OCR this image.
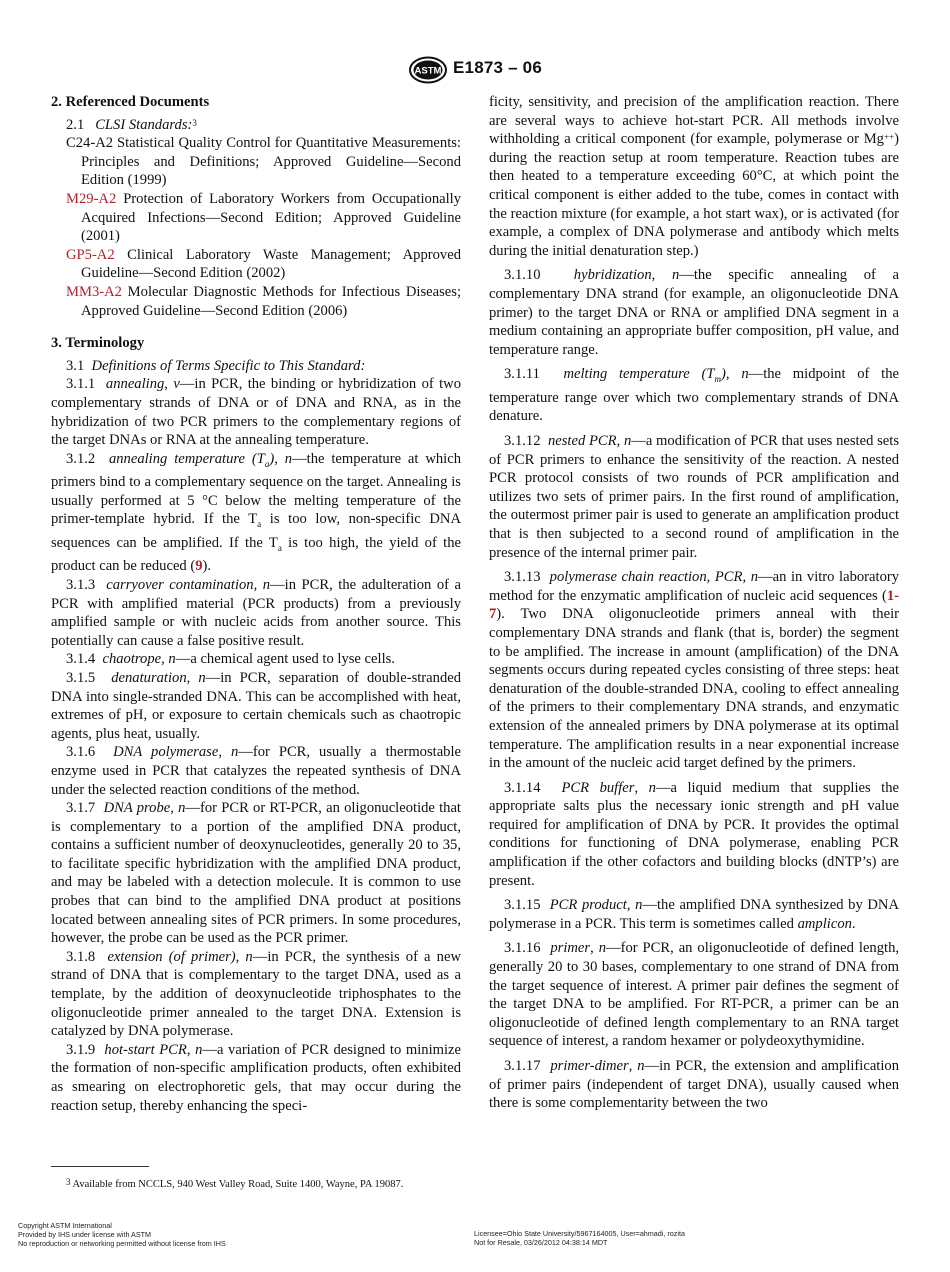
ASTM E1873 – 06

2. Referenced Documents

2.1 CLSI Standards:$^3$

C24-A2 Statistical Quality Control for Quantitative Measurements: Principles and Definitions; Approved Guideline—Second Edition (1999)

M29-A2 Protection of Laboratory Workers from Occupationally Acquired Infections—Second Edition; Approved Guideline (2001)

GP5-A2 Clinical Laboratory Waste Management; Approved Guideline—Second Edition (2002)

MM3-A2 Molecular Diagnostic Methods for Infectious Diseases; Approved Guideline—Second Edition (2006)

3. Terminology

3.1 Definitions of Terms Specific to This Standard:

3.1.1 annealing, v—in PCR, the binding or hybridization of two complementary strands of DNA or of DNA and RNA, as in the hybridization of two PCR primers to the complementary regions of the target DNAs or RNA at the annealing temperature.

3.1.2 annealing temperature $(T_a)$, n—the temperature at which primers bind to a complementary sequence on the target. Annealing is usually performed at 5 °C below the melting temperature of the primer-template hybrid. If the $T_a$ is too low, non-specific DNA sequences can be amplified. If the $T_a$ is too high, the yield of the product can be reduced (9).

3.1.3 carryover contamination, n—in PCR, the adulteration of a PCR with amplified material (PCR products) from a previously amplified sample or with nucleic acids from another source. This potentially can cause a false positive result.

3.1.4 chaotrope, n—a chemical agent used to lyse cells.

3.1.5 denaturation, n—in PCR, separation of double-stranded DNA into single-stranded DNA. This can be accomplished with heat, extremes of pH, or exposure to certain chemicals such as chaotropic agents, plus heat, usually.

3.1.6 DNA polymerase, n—for PCR, usually a thermostable enzyme used in PCR that catalyzes the repeated synthesis of DNA under the selected reaction conditions of the method.

3.1.7 DNA probe, n—for PCR or RT-PCR, an oligonucleotide that is complementary to a portion of the amplified DNA product, contains a sufficient number of deoxynucleotides, generally 20 to 35, to facilitate specific hybridization with the amplified DNA product, and may be labeled with a detection molecule. It is common to use probes that can bind to the amplified DNA product at positions located between annealing sites of PCR primers. In some procedures, however, the probe can be used as the PCR primer.

3.1.8 extension (of primer), n—in PCR, the synthesis of a new strand of DNA that is complementary to the target DNA, used as a template, by the addition of deoxynucleotide triphosphates to the oligonucleotide primer annealed to the target DNA. Extension is catalyzed by DNA polymerase.

3.1.9 hot-start PCR, n—a variation of PCR designed to minimize the formation of non-specific amplification products, often exhibited as smearing on electrophoretic gels, that may occur during the reaction setup, thereby enhancing the speci-

ficity, sensitivity, and precision of the amplification reaction. There are several ways to achieve hot-start PCR. All methods involve withholding a critical component (for example, polymerase or Mg++) during the reaction setup at room temperature. Reaction tubes are then heated to a temperature exceeding 60°C, at which point the critical component is either added to the tube, comes in contact with the reaction mixture (for example, a hot start wax), or is activated (for example, a complex of DNA polymerase and antibody which melts during the initial denaturation step.)

3.1.10 hybridization, n—the specific annealing of a complementary DNA strand (for example, an oligonucleotide DNA primer) to the target DNA or RNA or amplified DNA segment in a medium containing an appropriate buffer composition, pH value, and temperature range.

3.1.11 melting temperature $(T_m)$, n—the midpoint of the temperature range over which two complementary strands of DNA denature.

3.1.12 nested PCR, n—a modification of PCR that uses nested sets of PCR primers to enhance the sensitivity of the reaction. A nested PCR protocol consists of two rounds of PCR amplification and utilizes two sets of primer pairs. In the first round of amplification, the outermost primer pair is used to generate an amplification product that is then subjected to a second round of amplification in the presence of the internal primer pair.

3.1.13 polymerase chain reaction, PCR, n—an in vitro laboratory method for the enzymatic amplification of nucleic acid sequences (1-7). Two DNA oligonucleotide primers anneal with their complementary DNA strands and flank (that is, border) the segment to be amplified. The increase in amount (amplification) of the DNA segments occurs during repeated cycles consisting of three steps: heat denaturation of the double-stranded DNA, cooling to effect annealing of the primers to their complementary DNA strands, and enzymatic extension of the annealed primers by DNA polymerase at its optimal temperature. The amplification results in a near exponential increase in the amount of the nucleic acid target defined by the primers.

3.1.14 PCR buffer, n—a liquid medium that supplies the appropriate salts plus the necessary ionic strength and pH value required for amplification of DNA by PCR. It provides the optimal conditions for functioning of DNA polymerase, enabling PCR amplification if the other cofactors and building blocks (dNTP’s) are present.

3.1.15 PCR product, n—the amplified DNA synthesized by DNA polymerase in a PCR. This term is sometimes called amplicon.

3.1.16 primer, n—for PCR, an oligonucleotide of defined length, generally 20 to 30 bases, complementary to one strand of DNA from the target sequence of interest. A primer pair defines the segment of the target DNA to be amplified. For RT-PCR, a primer can be an oligonucleotide of defined length complementary to an RNA target sequence of interest, a random hexamer or polydeoxythymidine.

3.1.17 primer-dimer, n—in PCR, the extension and amplification of primer pairs (independent of target DNA), usually caused when there is some complementarity between the two

$^3$ Available from NCCLS, 940 West Valley Road, Suite 1400, Wayne, PA 19087.
Copyright ASTM International
Provided by IHS under license with ASTM
No reproduction or networking permitted without license from IHS
Licensee=Ohio State University/5967164005, User=ahmadi, rozita
Not for Resale, 03/26/2012 04:38:14 MDT
